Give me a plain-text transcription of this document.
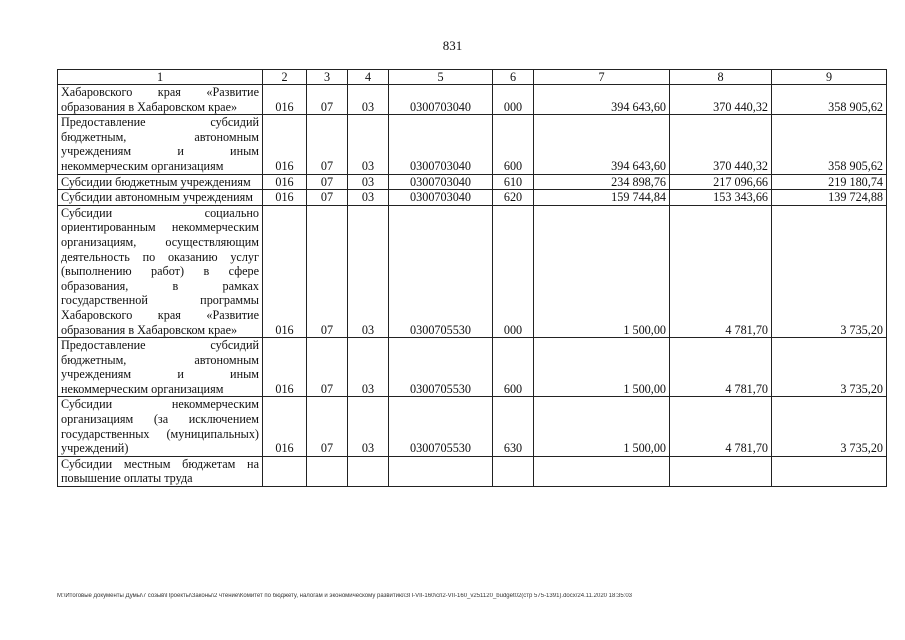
831
1	2	3	4	5	6	7	8	9
Хабаровского края «Развитие образования в Хабаровском крае»	016	07	03	0300703040	000	394 643,60	370 440,32	358 905,62
Предоставление субсидий бюджетным, автономным учреждениям и иным некоммерческим организациям	016	07	03	0300703040	600	394 643,60	370 440,32	358 905,62
Субсидии бюджетным учреждениям	016	07	03	0300703040	610	234 898,76	217 096,66	219 180,74
Субсидии автономным учреждениям	016	07	03	0300703040	620	159 744,84	153 343,66	139 724,88
Субсидии социально ориентированным некоммерческим организациям, осуществляющим деятельность по оказанию услуг (выполнению работ) в сфере образования, в рамках государственной программы Хабаровского края «Развитие образования в Хабаровском крае»	016	07	03	0300705530	000	1 500,00	4 781,70	3 735,20
Предоставление субсидий бюджетным, автономным учреждениям и иным некоммерческим организациям	016	07	03	0300705530	600	1 500,00	4 781,70	3 735,20
Субсидии некоммерческим организациям (за исключением государственных (муниципальных) учреждений)	016	07	03	0300705530	630	1 500,00	4 781,70	3 735,20
Субсидии местным бюджетам на повышение оплаты труда								
M:\Итоговые документы Думы\7 созыв\Проекты\Законы\2 чтение\Комитет по бюджету, налогам и экономическому развитию\ЗП-VII-160\сп2-VII-160_v251120_budget02(стр 575-1391).docx/24.11.2020 18:35:03
